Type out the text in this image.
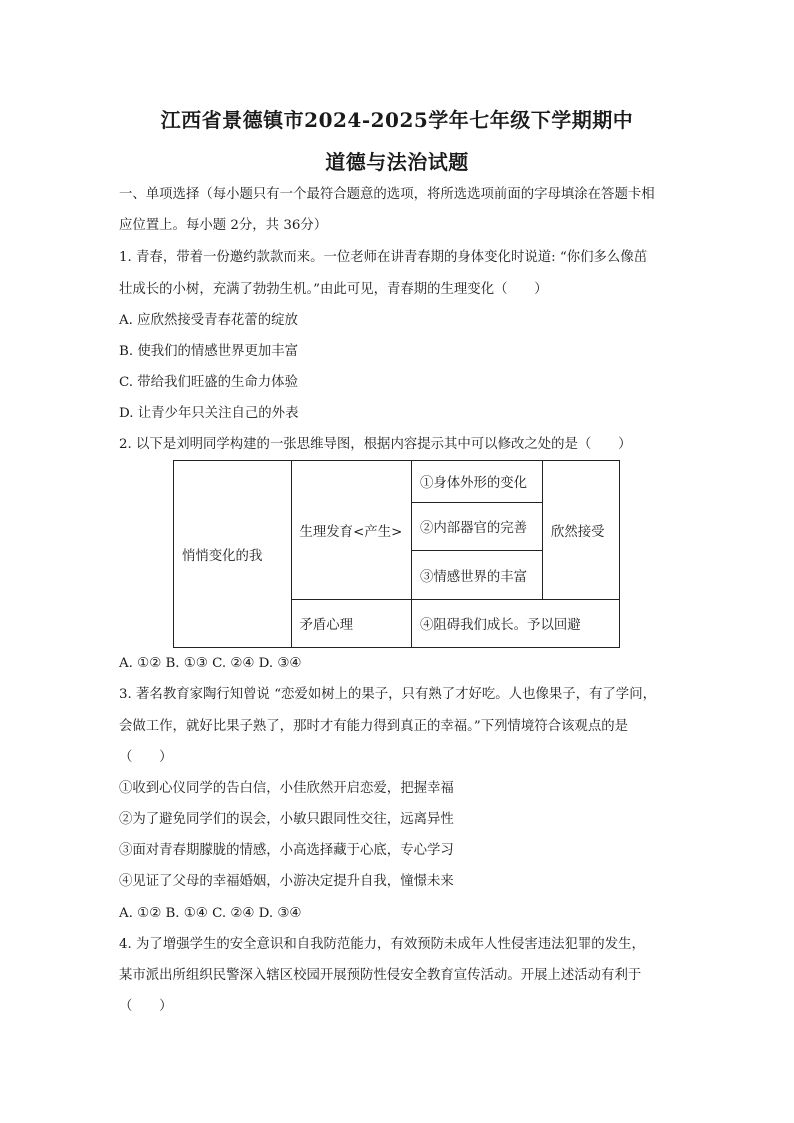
江西省景德镇市2024-2025学年七年级下学期期中
道德与法治试题
一、单项选择（每小题只有一个最符合题意的选项，将所选选项前面的字母填涂在答题卡相
应位置上。每小题 2分，共 36分）
1. 青春，带着一份邀约款款而来。一位老师在讲青春期的身体变化时说道: “你们多么像茁
壮成长的小树，充满了勃勃生机。”由此可见，青春期的生理变化（　　）
A. 应欣然接受青春花蕾的绽放
B. 使我们的情感世界更加丰富
C. 带给我们旺盛的生命力体验
D. 让青少年只关注自己的外表
2. 以下是刘明同学构建的一张思维导图，根据内容提示其中可以修改之处的是（　　）
悄悄变化的我	生理发育<产生>	①身体外形的变化	欣然接受
		②内部器官的完善	
		③情感世界的丰富	
	矛盾心理	④阻碍我们成长。予以回避	
A. ①② B. ①③ C. ②④ D. ③④
3. 著名教育家陶行知曾说 “恋爱如树上的果子，只有熟了才好吃。人也像果子，有了学问，
会做工作，就好比果子熟了，那时才有能力得到真正的幸福。”下列情境符合该观点的是
（　　）
①收到心仪同学的告白信，小佳欣然开启恋爱，把握幸福
②为了避免同学们的误会，小敏只跟同性交往，远离异性
③面对青春期朦胧的情感，小高选择藏于心底，专心学习
④见证了父母的幸福婚姻，小游决定提升自我，憧憬未来
A. ①② B. ①④ C. ②④ D. ③④
4. 为了增强学生的安全意识和自我防范能力，有效预防未成年人性侵害违法犯罪的发生，
某市派出所组织民警深入辖区校园开展预防性侵安全教育宣传活动。开展上述活动有利于
（　　）
